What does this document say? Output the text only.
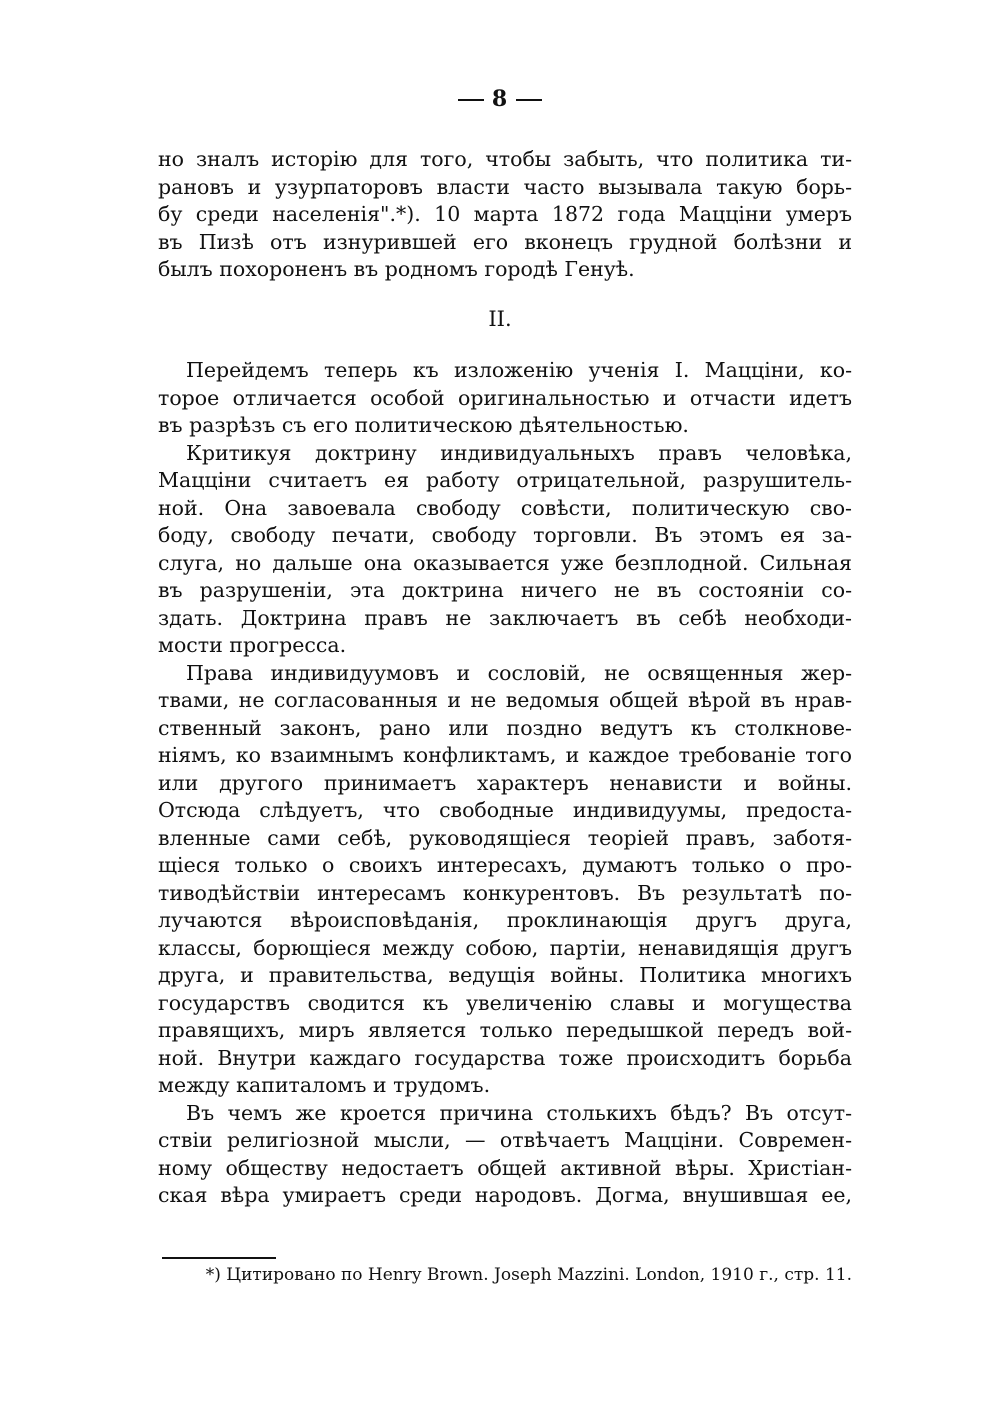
8
но зналъ исторію для того, чтобы забыть, что политика ти-
рановъ и узурпаторовъ власти часто вызывала такую борь-
бу среди населенія".*). 10 марта 1872 года Мацціни умеръ
въ Пизѣ отъ изнурившей его вконецъ грудной болѣзни и
былъ похороненъ въ родномъ городѣ Генуѣ.
II.
Перейдемъ теперь къ изложенію ученія І. Мацціни, ко-
торое отличается особой оригинальностью и отчасти идетъ
въ разрѣзъ съ его политическою дѣятельностью.
Критикуя доктрину индивидуальныхъ правъ человѣка,
Мацціни считаетъ ея работу отрицательной, разрушитель-
ной. Она завоевала свободу совѣсти, политическую сво-
боду, свободу печати, свободу торговли. Въ этомъ ея за-
слуга, но дальше она оказывается уже безплодной. Сильная
въ разрушеніи, эта доктрина ничего не въ состояніи со-
здать. Доктрина правъ не заключаетъ въ себѣ необходи-
мости прогресса.
Права индивидуумовъ и сословій, не освященныя жер-
твами, не согласованныя и не ведомыя общей вѣрой въ нрав-
ственный законъ, рано или поздно ведутъ къ столкнове-
ніямъ, ко взаимнымъ конфликтамъ, и каждое требованіе того
или другого принимаетъ характеръ ненависти и войны.
Отсюда слѣдуетъ, что свободные индивидуумы, предоста-
вленные сами себѣ, руководящіеся теоріей правъ, заботя-
щіеся только о своихъ интересахъ, думаютъ только о про-
тиводѣйствіи интересамъ конкурентовъ. Въ результатѣ по-
лучаются вѣроисповѣданія, проклинающія другъ друга,
классы, борющіеся между собою, партіи, ненавидящія другъ
друга, и правительства, ведущія войны. Политика многихъ
государствъ сводится къ увеличенію славы и могущества
правящихъ, миръ является только передышкой передъ вой-
ной. Внутри каждаго государства тоже происходитъ борьба
между капиталомъ и трудомъ.
Въ чемъ же кроется причина столькихъ бѣдъ? Въ отсут-
ствіи религіозной мысли, — отвѣчаетъ Мацціни. Современ-
ному обществу недостаетъ общей активной вѣры. Христіан-
ская вѣра умираетъ среди народовъ. Догма, внушившая ее,
*) Цитировано по Henry Brown. Joseph Mazzini. London, 1910 г., стр. 11.
